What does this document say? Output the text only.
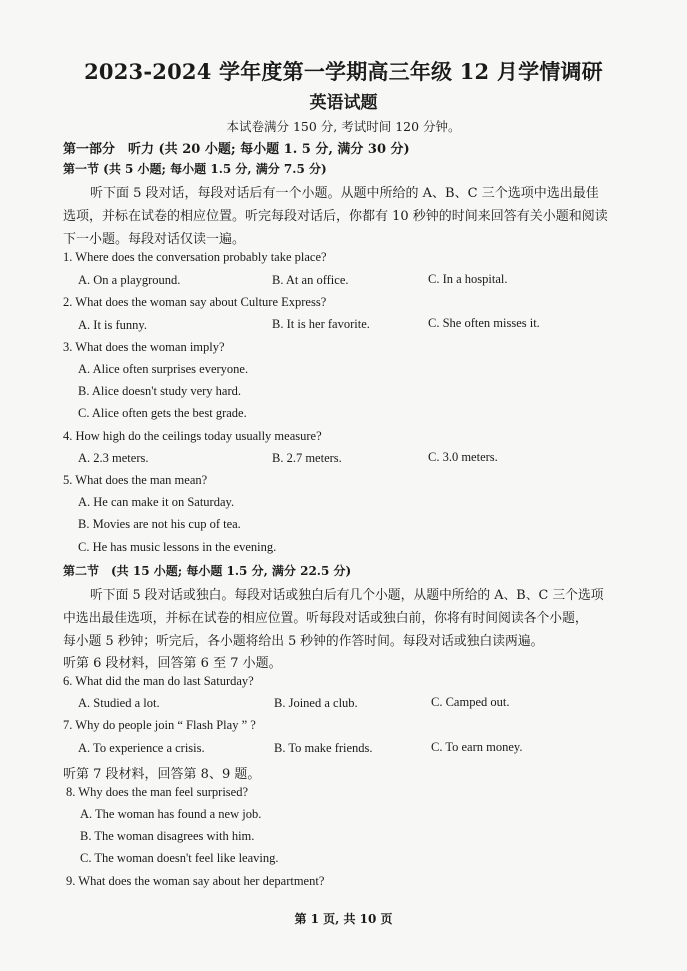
2023-2024 学年度第一学期高三年级 12 月学情调研
英语试题
本试卷满分 150 分, 考试时间 120 分钟。
第一部分　听力 (共 20 小题; 每小题 1. 5 分, 满分 30 分)
第一节 (共 5 小题; 每小题 1.5 分, 满分 7.5 分)
听下面 5 段对话，每段对话后有一个小题。从题中所给的 A、B、C 三个选项中选出最佳
选项，并标在试卷的相应位置。听完每段对话后，你都有 10 秒钟的时间来回答有关小题和阅读
下一小题。每段对话仅读一遍。
1. Where does the conversation probably take place?
A. On a playground.	B. At an office.	C. In a hospital.
2. What does the woman say about Culture Express?
A. It is funny.	B. It is her favorite.	C. She often misses it.
3. What does the woman imply?
A. Alice often surprises everyone.
B. Alice doesn't study very hard.
C. Alice often gets the best grade.
4. How high do the ceilings today usually measure?
A. 2.3 meters.	B. 2.7 meters.	C. 3.0 meters.
5. What does the man mean?
A. He can make it on Saturday.
B. Movies are not his cup of tea.
C. He has music lessons in the evening.
第二节　(共 15 小题; 每小题 1.5 分, 满分 22.5 分)
听下面 5 段对话或独白。每段对话或独白后有几个小题，从题中所给的 A、B、C 三个选项
中选出最佳选项，并标在试卷的相应位置。听每段对话或独白前，你将有时间阅读各个小题，
每小题 5 秒钟；听完后，各小题将给出 5 秒钟的作答时间。每段对话或独白读两遍。
听第 6 段材料，回答第 6 至 7 小题。
6. What did the man do last Saturday?
A. Studied a lot.	B. Joined a club.	C. Camped out.
7. Why do people join “ Flash Play ” ?
A. To experience a crisis.	B. To make friends.	C. To earn money.
听第 7 段材料，回答第 8、9 题。
8. Why does the man feel surprised?
A. The woman has found a new job.
B. The woman disagrees with him.
C. The woman doesn't feel like leaving.
9. What does the woman say about her department?
第 1 页, 共 10 页
